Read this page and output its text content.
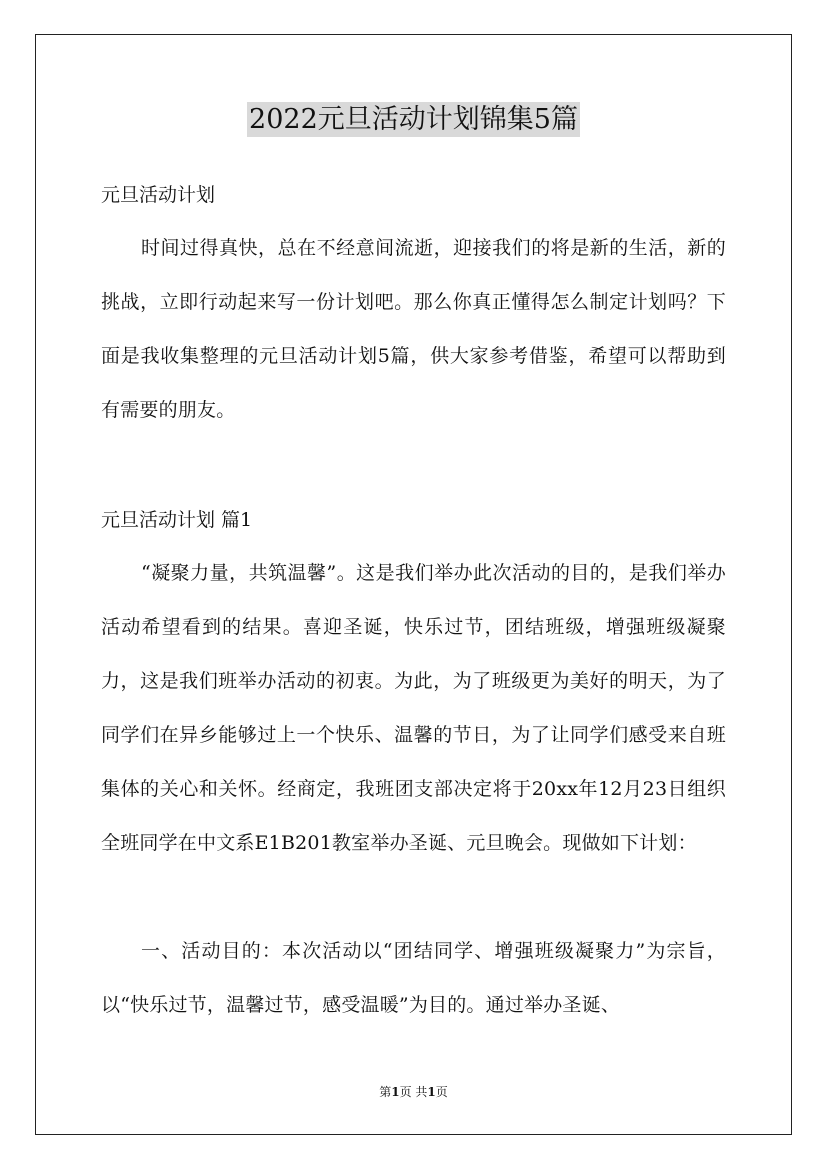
2022元旦活动计划锦集5篇
元旦活动计划
时间过得真快，总在不经意间流逝，迎接我们的将是新的生活，新的挑战，立即行动起来写一份计划吧。那么你真正懂得怎么制定计划吗？下面是我收集整理的元旦活动计划5篇，供大家参考借鉴，希望可以帮助到有需要的朋友。
元旦活动计划 篇1
“凝聚力量，共筑温馨”。这是我们举办此次活动的目的，是我们举办活动希望看到的结果。喜迎圣诞，快乐过节，团结班级，增强班级凝聚力，这是我们班举办活动的初衷。为此，为了班级更为美好的明天，为了同学们在异乡能够过上一个快乐、温馨的节日，为了让同学们感受来自班集体的关心和关怀。经商定，我班团支部决定将于20xx年12月23日组织全班同学在中文系E1B201教室举办圣诞、元旦晚会。现做如下计划：
一、活动目的：本次活动以“团结同学、增强班级凝聚力”为宗旨，以“快乐过节，温馨过节，感受温暖”为目的。通过举办圣诞、
第1页 共1页
